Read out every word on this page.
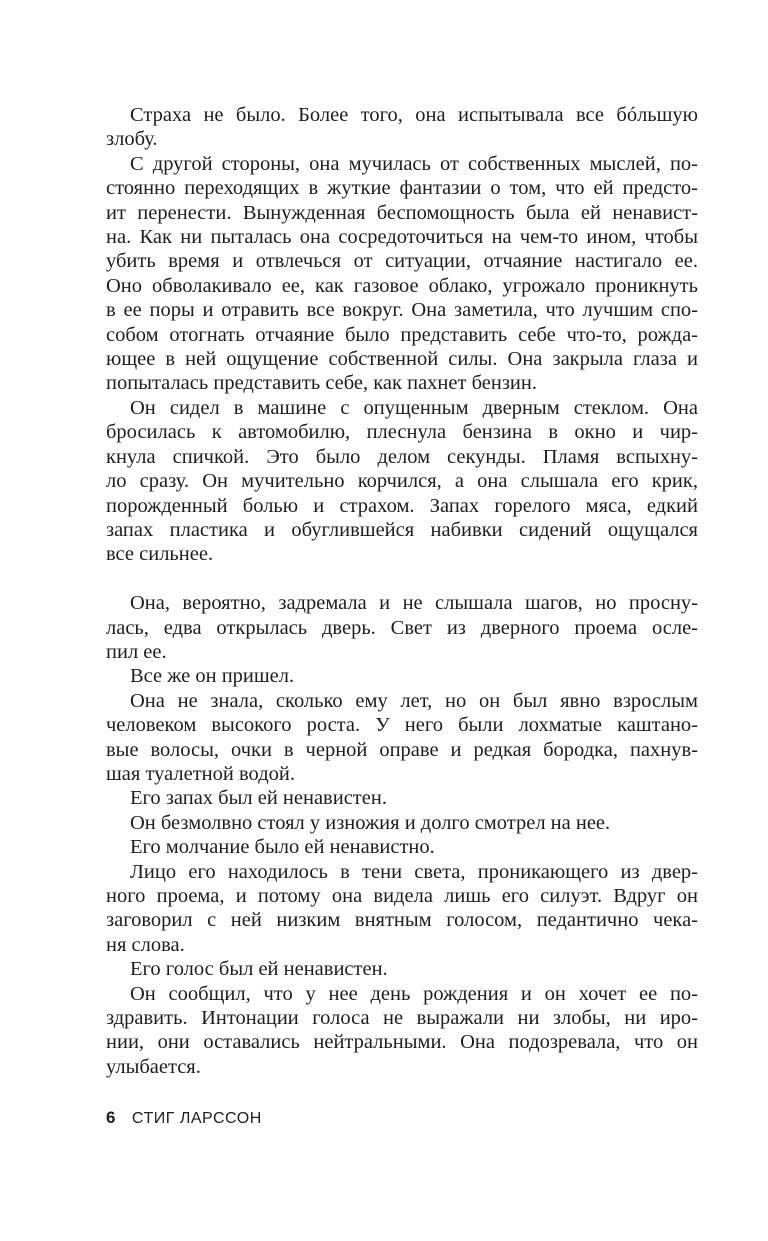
Страха не было. Более того, она испытывала все бóльшую
злобу.
С другой стороны, она мучилась от собственных мыслей, по-
стоянно переходящих в жуткие фантазии о том, что ей предсто-
ит перенести. Вынужденная беспомощность была ей ненавист-
на. Как ни пыталась она сосредоточиться на чем-то ином, чтобы
убить время и отвлечься от ситуации, отчаяние настигало ее.
Оно обволакивало ее, как газовое облако, угрожало проникнуть
в ее поры и отравить все вокруг. Она заметила, что лучшим спо-
собом отогнать отчаяние было представить себе что-то, рожда-
ющее в ней ощущение собственной силы. Она закрыла глаза и
попыталась представить себе, как пахнет бензин.
Он сидел в машине с опущенным дверным стеклом. Она
бросилась к автомобилю, плеснула бензина в окно и чир-
кнула спичкой. Это было делом секунды. Пламя вспыхну-
ло сразу. Он мучительно корчился, а она слышала его крик,
порожденный болью и страхом. Запах горелого мяса, едкий
запах пластика и обуглившейся набивки сидений ощущался
все сильнее.
Она, вероятно, задремала и не слышала шагов, но просну-
лась, едва открылась дверь. Свет из дверного проема осле-
пил ее.
Все же он пришел.
Она не знала, сколько ему лет, но он был явно взрослым
человеком высокого роста. У него были лохматые каштано-
вые волосы, очки в черной оправе и редкая бородка, пахнув-
шая туалетной водой.
Его запах был ей ненавистен.
Он безмолвно стоял у изножия и долго смотрел на нее.
Его молчание было ей ненавистно.
Лицо его находилось в тени света, проникающего из двер-
ного проема, и потому она видела лишь его силуэт. Вдруг он
заговорил с ней низким внятным голосом, педантично чека-
ня слова.
Его голос был ей ненавистен.
Он сообщил, что у нее день рождения и он хочет ее по-
здравить. Интонации голоса не выражали ни злобы, ни иро-
нии, они оставались нейтральными. Она подозревала, что он
улыбается.
6 СТИГ ЛАРССОН
